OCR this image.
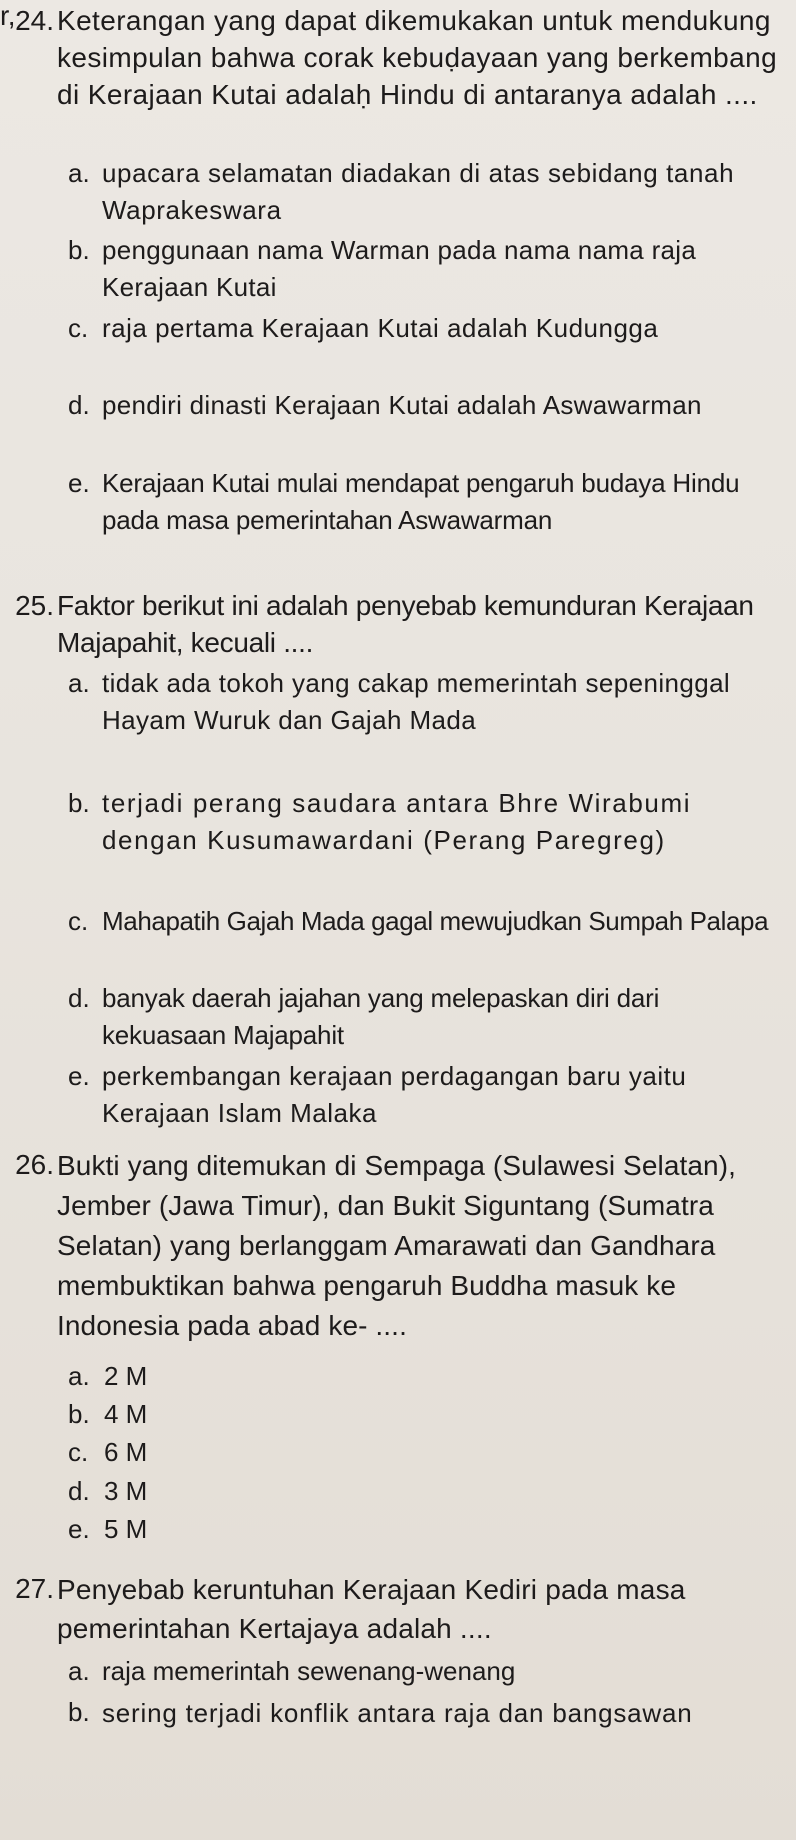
r, 24. Keterangan yang dapat dikemukakan untuk mendukung kesimpulan bahwa corak kebuḍayaan yang berkembang di Kerajaan Kutai adalaḥ Hindu di antaranya adalah ....
a. upacara selamatan diadakan di atas sebidang tanah Waprakeswara
b. penggunaan nama Warman pada nama nama raja Kerajaan Kutai
c. raja pertama Kerajaan Kutai adalah Kudungga
d. pendiri dinasti Kerajaan Kutai adalah Aswawarman
e. Kerajaan Kutai mulai mendapat pengaruh budaya Hindu pada masa pemerintahan Aswawarman
25. Faktor berikut ini adalah penyebab kemunduran Kerajaan Majapahit, kecuali ....
a. tidak ada tokoh yang cakap memerintah sepeninggal Hayam Wuruk dan Gajah Mada
b. terjadi perang saudara antara Bhre Wirabumi dengan Kusumawardani (Perang Paregreg)
c. Mahapatih Gajah Mada gagal mewujudkan Sumpah Palapa
d. banyak daerah jajahan yang melepaskan diri dari kekuasaan Majapahit
e. perkembangan kerajaan perdagangan baru yaitu Kerajaan Islam Malaka
26. Bukti yang ditemukan di Sempaga (Sulawesi Selatan), Jember (Jawa Timur), dan Bukit Siguntang (Sumatra Selatan) yang berlanggam Amarawati dan Gandhara membuktikan bahwa pengaruh Buddha masuk ke Indonesia pada abad ke- ....
a. 2 M
b. 4 M
c. 6 M
d. 3 M
e. 5 M
27. Penyebab keruntuhan Kerajaan Kediri pada masa pemerintahan Kertajaya adalah ....
a. raja memerintah sewenang-wenang
b. sering terjadi konflik antara raja dan bangsawan
